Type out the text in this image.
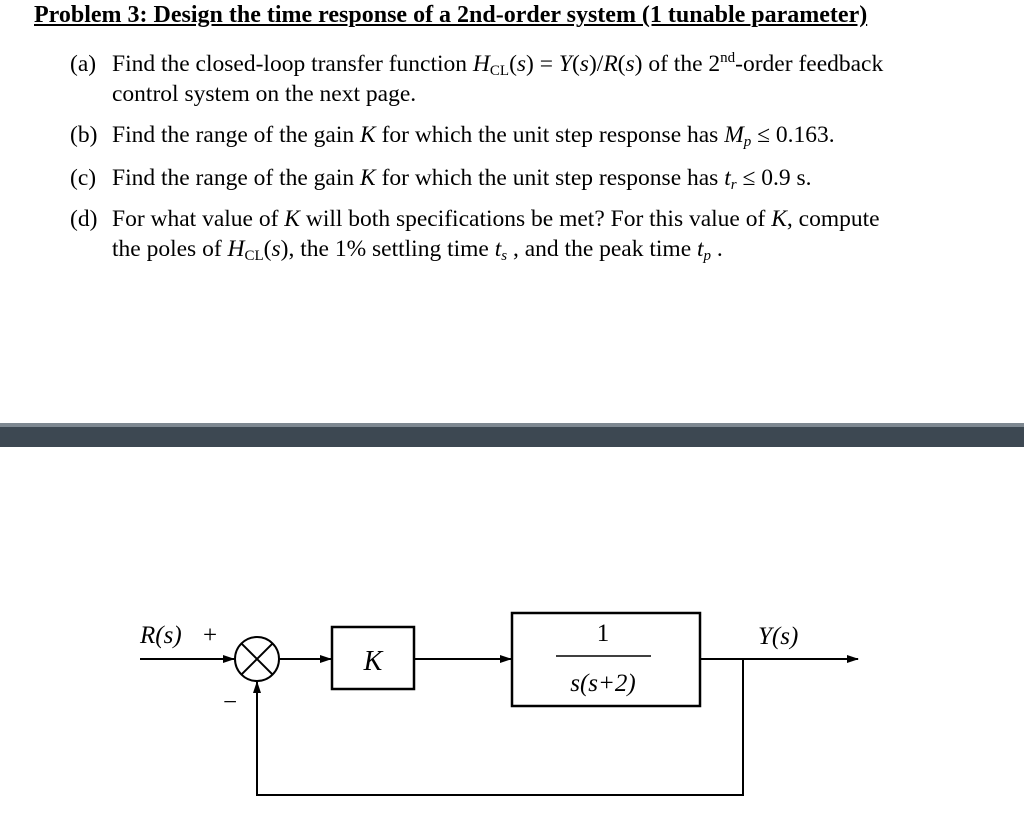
Problem 3: Design the time response of a 2nd-order system (1 tunable parameter)
(a) Find the closed-loop transfer function $H_{CL}(s) = Y(s)/R(s)$ of the 2nd-order feedback
control system on the next page.
(b) Find the range of the gain K for which the unit step response has $M_p \le 0.163$.
(c) Find the range of the gain K for which the unit step response has $t_r \le 0.9$ s.
(d) For what value of K will both specifications be met? For this value of K, compute
the poles of $H_{CL}(s)$, the 1% settling time $t_s$ , and the peak time $t_p$ .
R(s) +
−
K
1
s(s+2)
Y(s)
